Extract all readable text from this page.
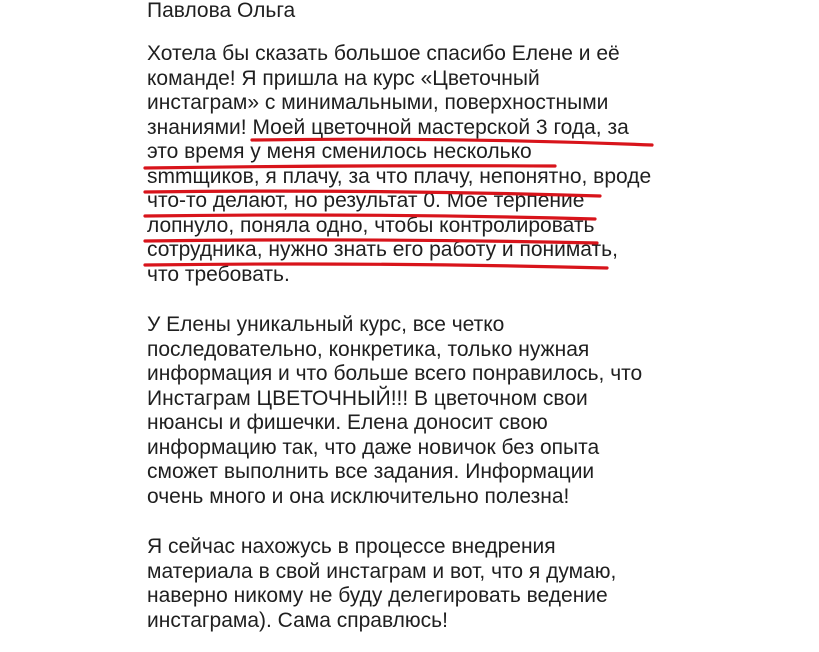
Павлова Ольга

Хотела бы сказать большое спасибо Елене и её
команде! Я пришла на курс «Цветочный
инстаграм» с минимальными, поверхностными
знаниями! Моей цветочной мастерской 3 года, за
это время у меня сменилось несколько
smmщиков, я плачу, за что плачу, непонятно, вроде
что-то делают, но результат 0. Моё терпение
лопнуло, поняла одно, чтобы контролировать
сотрудника, нужно знать его работу и понимать,
что требовать.

У Елены уникальный курс, все четко
последовательно, конкретика, только нужная
информация и что больше всего понравилось, что
Инстаграм ЦВЕТОЧНЫЙ!!! В цветочном свои
нюансы и фишечки. Елена доносит свою
информацию так, что даже новичок без опыта
сможет выполнить все задания. Информации
очень много и она исключительно полезна!

Я сейчас нахожусь в процессе внедрения
материала в свой инстаграм и вот, что я думаю,
наверно никому не буду делегировать ведение
инстаграма). Сама справлюсь!
